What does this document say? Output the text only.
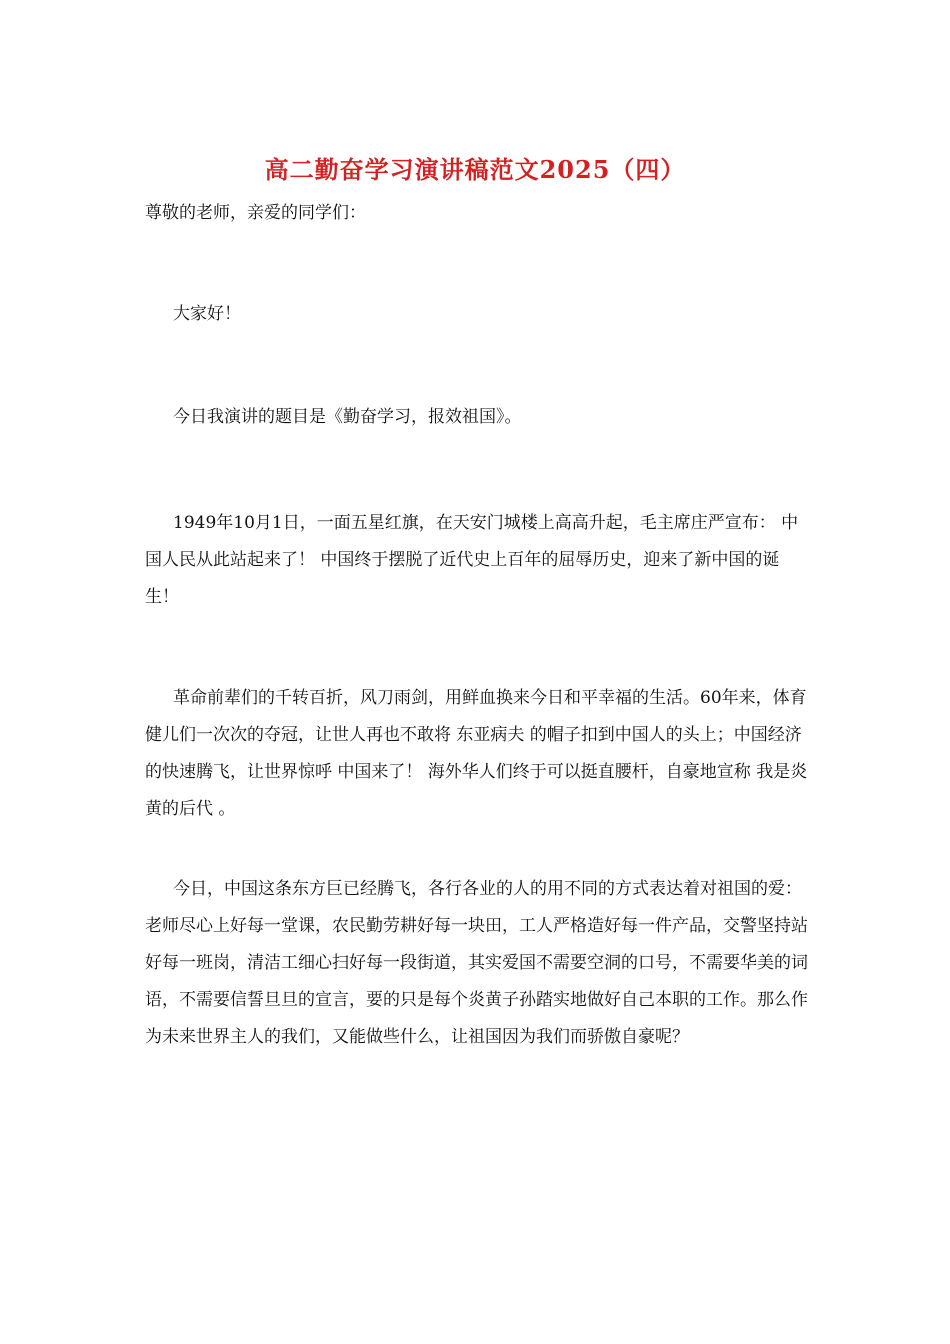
高二勤奋学习演讲稿范文2025（四）
尊敬的老师，亲爱的同学们：

大家好！

今日我演讲的题目是《勤奋学习，报效祖国》。

1949年10月1日，一面五星红旗，在天安门城楼上高高升起，毛主席庄严宣布： 中国人民从此站起来了！ 中国终于摆脱了近代史上百年的屈辱历史，迎来了新中国的诞生！

革命前辈们的千转百折，风刀雨剑，用鲜血换来今日和平幸福的生活。60年来，体育健儿们一次次的夺冠，让世人再也不敢将 东亚病夫 的帽子扣到中国人的头上；中国经济的快速腾飞，让世界惊呼 中国来了！ 海外华人们终于可以挺直腰杆，自豪地宣称 我是炎黄的后代 。

今日，中国这条东方巨已经腾飞，各行各业的人的用不同的方式表达着对祖国的爱：老师尽心上好每一堂课，农民勤劳耕好每一块田，工人严格造好每一件产品，交警坚持站好每一班岗，清洁工细心扫好每一段街道，其实爱国不需要空洞的口号，不需要华美的词语，不需要信誓旦旦的宣言，要的只是每个炎黄子孙踏实地做好自己本职的工作。那么作为未来世界主人的我们，又能做些什么，让祖国因为我们而骄傲自豪呢？
